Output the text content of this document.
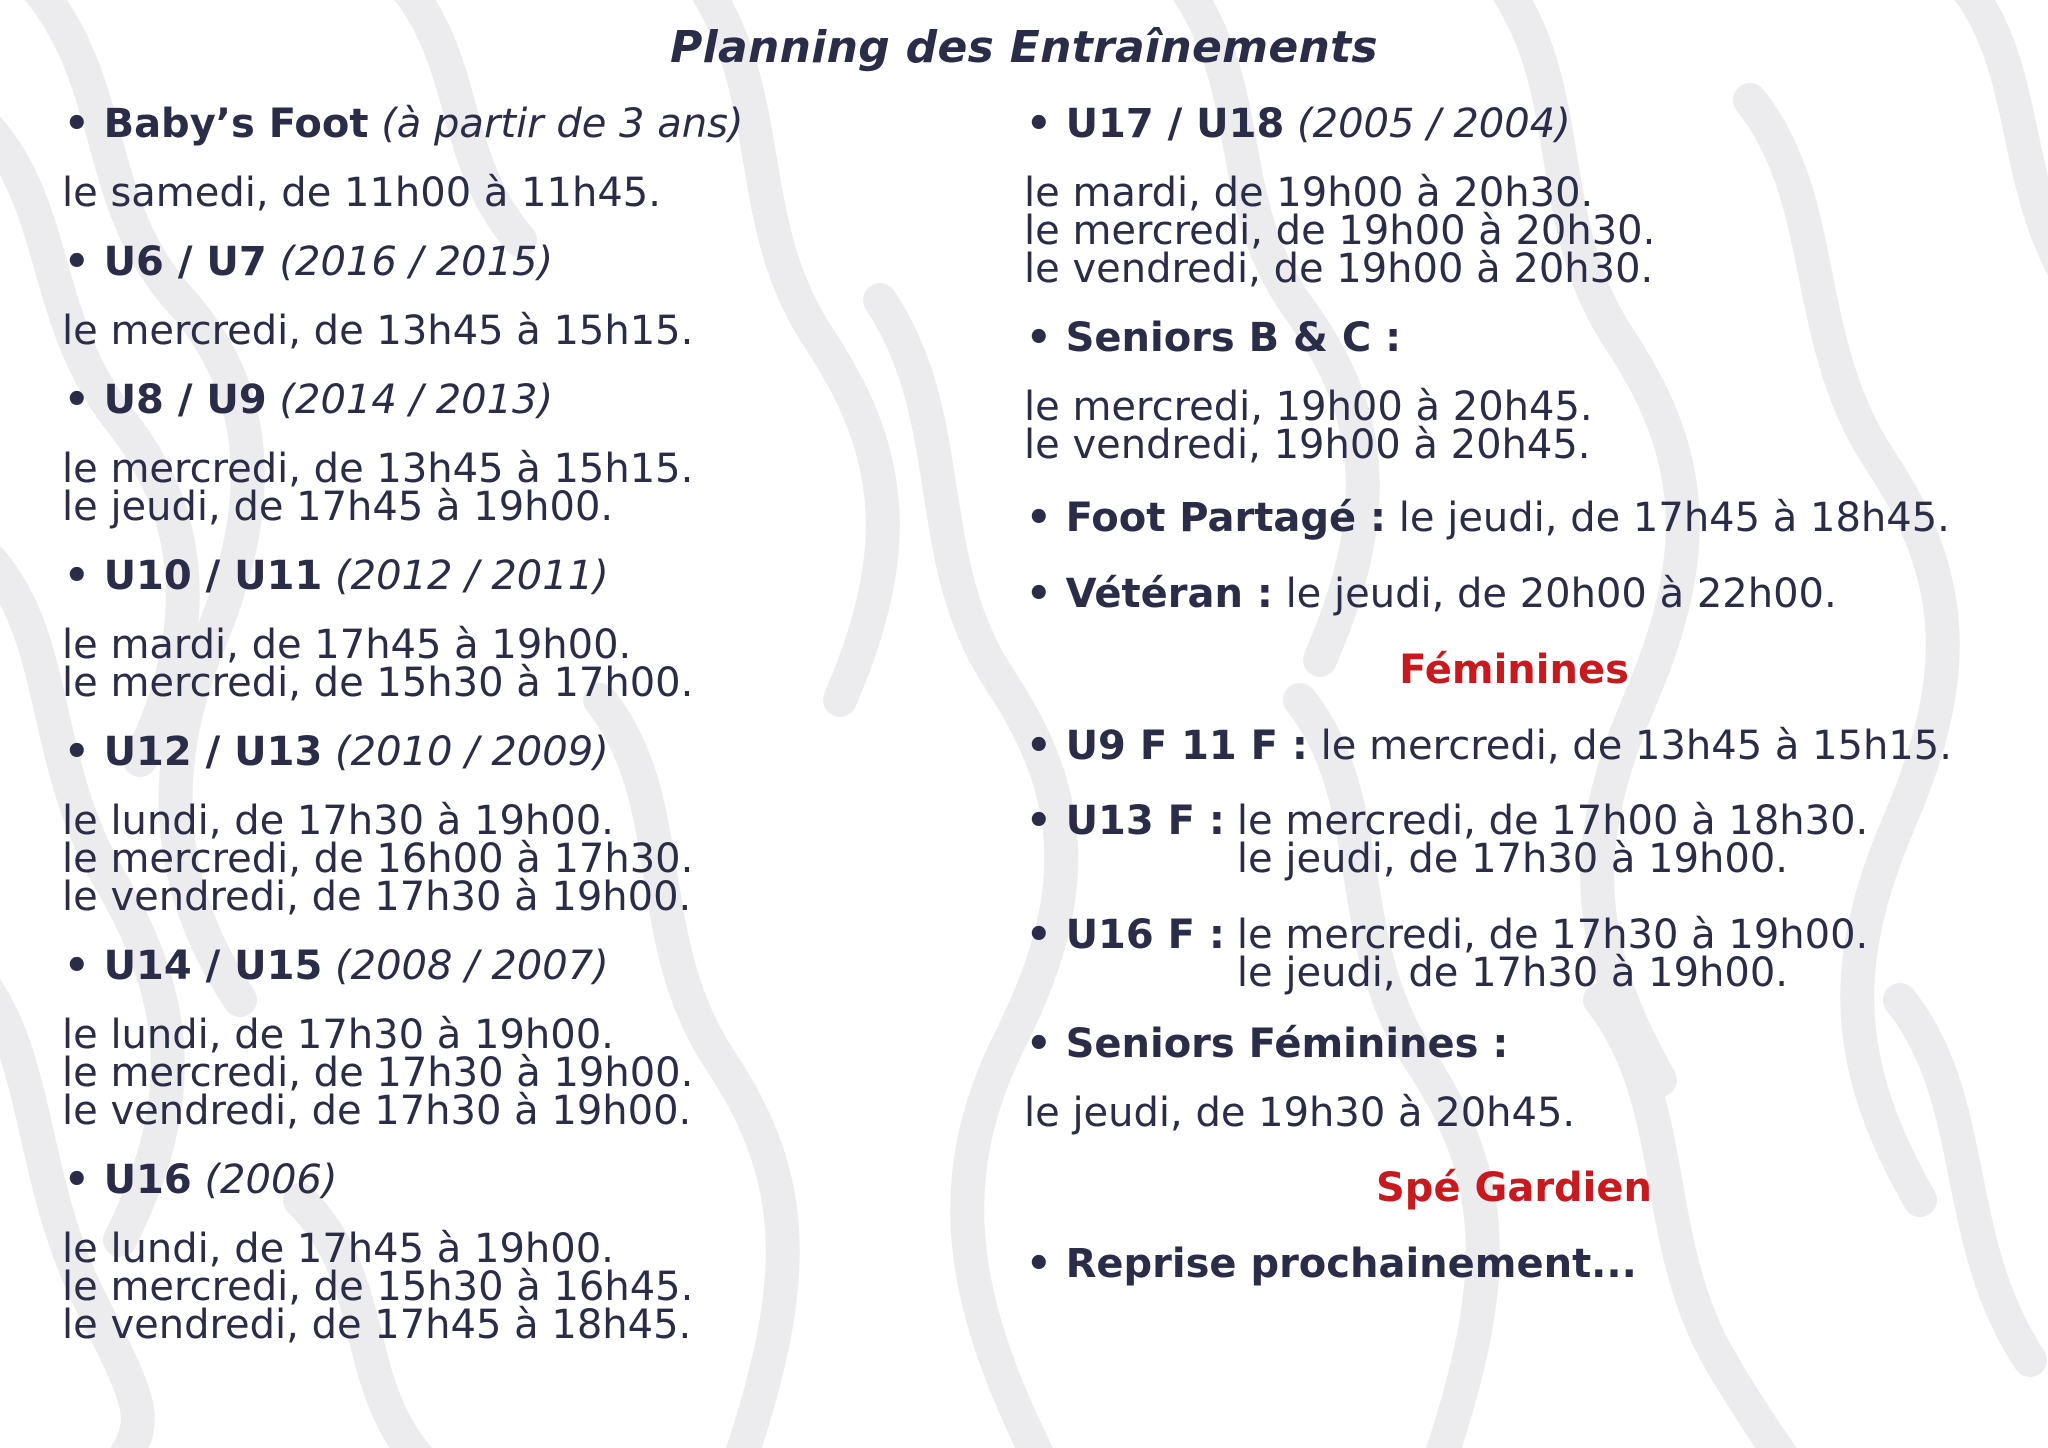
Planning des Entraînements
• Baby’s Foot (à partir de 3 ans)
le samedi, de 11h00 à 11h45.
• U6 / U7 (2016 / 2015)
le mercredi, de 13h45 à 15h15.
• U8 / U9 (2014 / 2013)
le mercredi, de 13h45 à 15h15.
le jeudi, de 17h45 à 19h00.
• U10 / U11 (2012 / 2011)
le mardi, de 17h45 à 19h00.
le mercredi, de 15h30 à 17h00.
• U12 / U13 (2010 / 2009)
le lundi, de 17h30 à 19h00.
le mercredi, de 16h00 à 17h30.
le vendredi, de 17h30 à 19h00.
• U14 / U15 (2008 / 2007)
le lundi, de 17h30 à 19h00.
le mercredi, de 17h30 à 19h00.
le vendredi, de 17h30 à 19h00.
• U16 (2006)
le lundi, de 17h45 à 19h00.
le mercredi, de 15h30 à 16h45.
le vendredi, de 17h45 à 18h45.
• U17 / U18 (2005 / 2004)
le mardi, de 19h00 à 20h30.
le mercredi, de 19h00 à 20h30.
le vendredi, de 19h00 à 20h30.
• Seniors B & C :
le mercredi, 19h00 à 20h45.
le vendredi, 19h00 à 20h45.
• Foot Partagé : le jeudi, de 17h45 à 18h45.
• Vétéran : le jeudi, de 20h00 à 22h00.
Féminines
• U9 F 11 F : le mercredi, de 13h45 à 15h15.
• U13 F : le mercredi, de 17h00 à 18h30.
le jeudi, de 17h30 à 19h00.
• U16 F : le mercredi, de 17h30 à 19h00.
le jeudi, de 17h30 à 19h00.
• Seniors Féminines :
le jeudi, de 19h30 à 20h45.
Spé Gardien
• Reprise prochainement...
